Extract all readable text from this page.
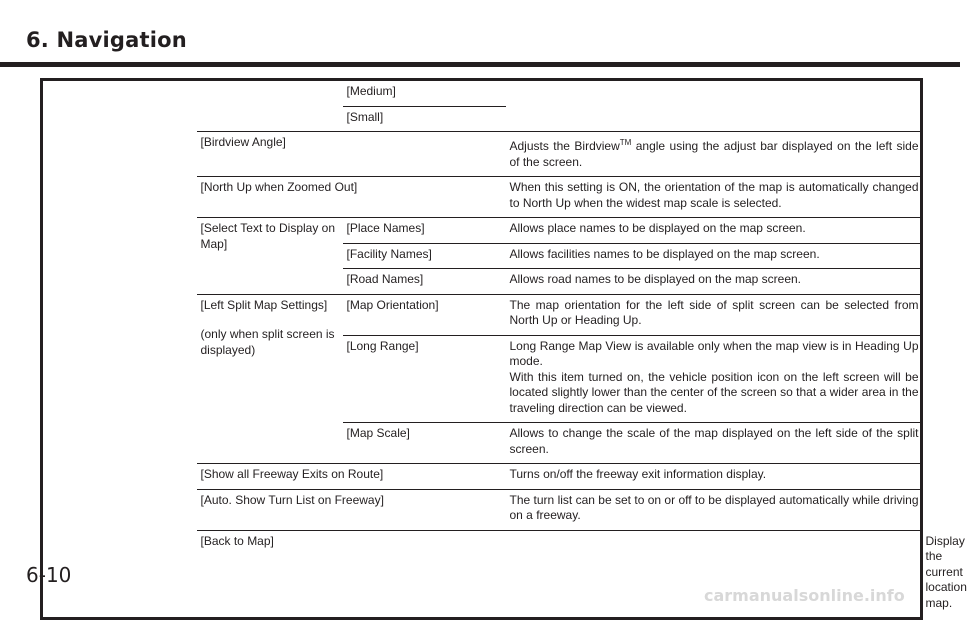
6. Navigation
		[Medium]		
		[Small]		
	[Birdview Angle]		Adjusts the Birdview™ angle using the adjust bar displayed on the left side of the screen.	
	[North Up when Zoomed Out]		When this setting is ON, the orientation of the map is automatically changed to North Up when the widest map scale is selected.	
	[Select Text to Display on Map]	[Place Names]	Allows place names to be displayed on the map screen.	
		[Facility Names]	Allows facilities names to be displayed on the map screen.	
		[Road Names]	Allows road names to be displayed on the map screen.	

	[Left Split Map Settings]
(only when split screen is displayed)	[Map Orientation]	The map orientation for the left side of split screen can be selected from North Up or Heading Up.	
		[Long Range]	Long Range Map View is available only when the map view is in Heading Up mode.
With this item turned on, the vehicle position icon on the left screen will be located slightly lower than the center of the screen so that a wider area in the traveling direction can be viewed.	

		[Map Scale]	Allows to change the scale of the map displayed on the left side of the split screen.	
	[Show all Freeway Exits on Route]		Turns on/off the freeway exit information display.	
	[Auto. Show Turn List on Freeway]		The turn list can be set to on or off to be displayed automatically while driving on a freeway.	
	[Back to Map]			Display the current location map.
6-10
carmanualsonline.info
